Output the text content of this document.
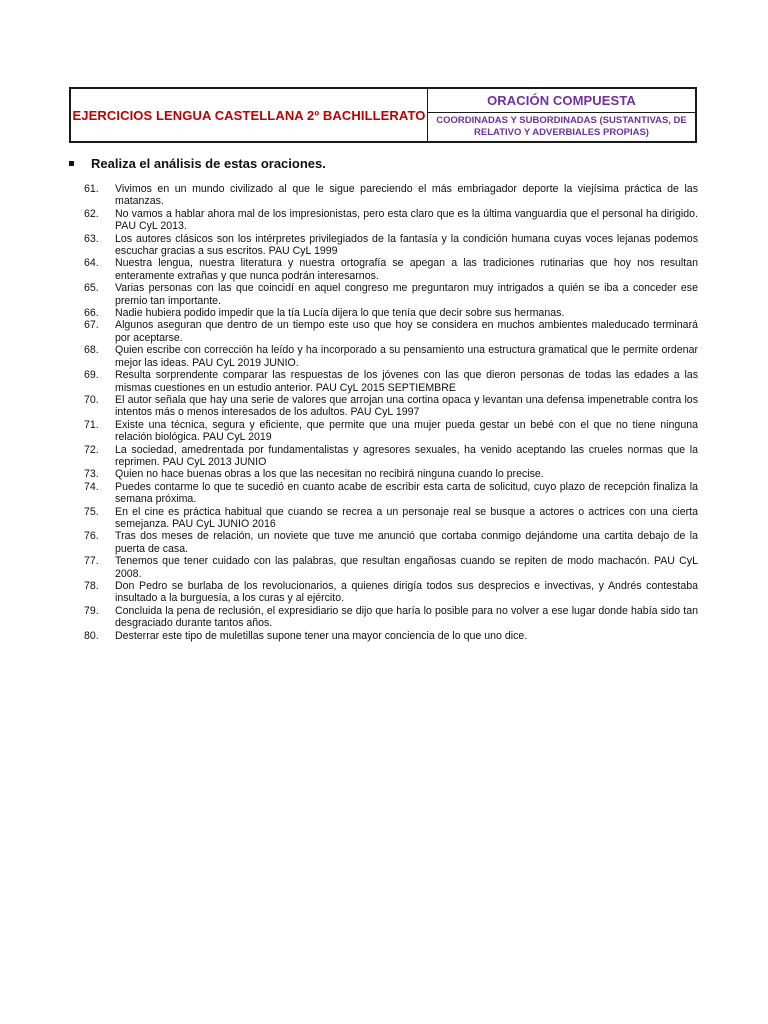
EJERCICIOS LENGUA CASTELLANA 2º BACHILLERATO
ORACIÓN COMPUESTA
COORDINADAS Y SUBORDINADAS (SUSTANTIVAS, DE RELATIVO Y ADVERBIALES PROPIAS)
Realiza el análisis de estas oraciones.
61.	Vivimos en un mundo civilizado al que le sigue pareciendo el más embriagador deporte la viejísima práctica de las matanzas.
62.	No vamos a hablar ahora mal de los impresionistas, pero esta claro que es la última vanguardia que el personal ha dirigido. PAU CyL 2013.
63.	Los autores clásicos son los intérpretes privilegiados de la fantasía y la condición humana cuyas voces lejanas podemos escuchar gracias a sus escritos. PAU CyL 1999
64.	Nuestra lengua, nuestra literatura y nuestra ortografía se apegan a las tradiciones rutinarias que hoy nos resultan enteramente extrañas y que nunca podrán interesarnos.
65.	Varias personas con las que coincidí en aquel congreso me preguntaron muy intrigados a quién se iba a conceder ese premio tan importante.
66.	Nadie hubiera podido impedir que la tía Lucía dijera lo que tenía que decir sobre sus hermanas.
67.	Algunos aseguran que dentro de un tiempo este uso que hoy se considera en muchos ambientes maleducado terminará por aceptarse.
68.	Quien escribe con corrección ha leído y ha incorporado a su pensamiento una estructura gramatical que le permite ordenar mejor las ideas. PAU CyL 2019 JUNIO.
69.	Resulta sorprendente comparar las respuestas de los jóvenes con las que dieron personas de todas las edades a las mismas cuestiones en un estudio anterior. PAU CyL 2015 SEPTIEMBRE
70.	El autor señala que hay una serie de valores que arrojan una cortina opaca y levantan una defensa impenetrable contra los intentos más o menos interesados de los adultos. PAU CyL 1997
71.	Existe una técnica, segura y eficiente, que permite que una mujer pueda gestar un bebé con el que no tiene ninguna relación biológica. PAU CyL 2019
72.	La sociedad, amedrentada por fundamentalistas y agresores sexuales, ha venido aceptando las crueles normas que la reprimen. PAU CyL 2013 JUNIO
73.	Quien no hace buenas obras a los que las necesitan no recibirá ninguna cuando lo precise.
74.	Puedes contarme lo que te sucedió en cuanto acabe de escribir esta carta de solicitud, cuyo plazo de recepción finaliza la semana próxima.
75.	En el cine es práctica habitual que cuando se recrea a un personaje real se busque a actores o actrices con una cierta semejanza. PAU CyL JUNIO 2016
76.	Tras dos meses de relación, un noviete que tuve me anunció que cortaba conmigo dejándome una cartita debajo de la puerta de casa.
77.	Tenemos que tener cuidado con las palabras, que resultan engañosas cuando se repiten de modo machacón. PAU CyL 2008.
78.	Don Pedro se burlaba de los revolucionarios, a quienes dirigía todos sus desprecios e invectivas, y Andrés contestaba insultado a la burguesía, a los curas y al ejército.
79.	Concluida la pena de reclusión, el expresidiario se dijo que haría lo posible para no volver a ese lugar donde había sido tan desgraciado durante tantos años.
80.	Desterrar este tipo de muletillas supone tener una mayor conciencia de lo que uno dice.
